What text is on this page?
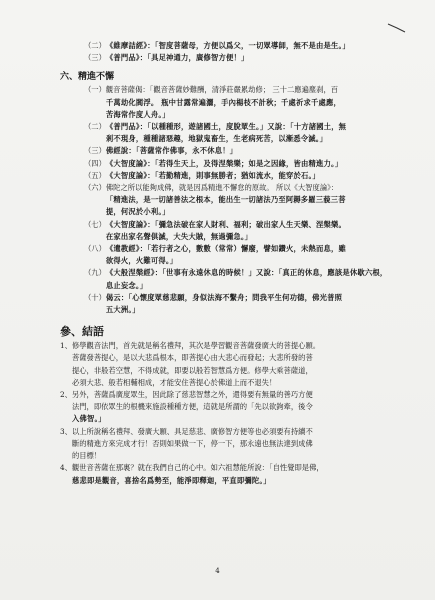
（二） 《維摩詰經》：「智度菩薩母，方便以爲父，一切眾導師，無不是由是生。」
（三） 《普門品》：「具足神通力，廣修智方便！」
六、精進不懈
（一） 觀音菩薩偈：「觀音菩薩妙難酬，清淨莊嚴累劫修； 三十二應遍塵刹，百
千萬劫化閻浮。 瓶中甘露常遍灑，手內楊枝不計秋；千處祈求千處應，
苦海常作度人舟。」
（二） 《普門品》：「以種種形，遊諸國土，度脫眾生。」又說：「十方諸國土，無
剎不現身，種種諸惡趣，地獄鬼畜生，生老病死苦，以漸悉令滅。」
（三） 佛經說：「菩薩常作佛事，永不休息！」
（四） 《大智度論》：「若得生天上，及得涅槃樂；如是之因緣，皆由精進力。」
（五） 《大智度論》：「若勤精進，則事無勝者；猶如流水，能穿於石。」
（六） 佛陀之所以能夠成佛，就是因爲精進不懈怠的原故。 所以《大智度論》：
「精進法，是一切諸善法之根本，能出生一切諸法乃至阿耨多羅三藐三菩
提，何況於小利。」
（七） 《大智度論》：「彌急法破在家人財利、福利；破出家人生天樂、涅槃樂。
在家出家名聲俱滅，大失大賊，無過彌急。」
（八） 《遺教經》：「若行者之心，數數（常常）懈廢，譬如鑽火，未熱而息，雖
欲得火，火難可得。」
（九） 《大般涅槃經》：「世事有永遠休息的時候！」又說：「真正的休息，應該是休歇六根，
息止妄念。」
（十） 偈云：「心懷度眾慈悲願，身似法海不繫舟；問我平生何功德，佛光普照
五大洲。」
參、結語
1、 修學觀音法門，首先就是稱名禮拜，其次是學習觀音菩薩發廣大的菩提心願。
菩薩發菩提心，是以大悲爲根本，即菩提心由大悲心而發起；大悲所發的菩
提心，非般若空慧，不得成就，即要以般若智慧爲方便。修學大乘菩薩道，
必須大悲、般若相輔相成，才能安住菩提心於佛道上而不退失！
2、 另外，菩薩爲廣度眾生，因此除了慈悲智慧之外，還得要有無量的善巧方便
法門，即依眾生的根機來施設種種方便，這就是所謂的「先以欲鉤牽，後令
入佛智。」
3、 以上所說稱名禮拜、發廣大願、具足慈悲、廣修智方便等也必須要有持續不
斷的精進方來完成才行！否則如果做一下，停一下，那永遠也無法達到成佛
的目標！
4、 觀世音菩薩在那裏？就在我們自己的心中。如六祖慧能所說：「自性覺即是佛，
慈悲即是觀音，喜捨名爲勢至，能淨即釋迦，平直即彌陀。」
4
